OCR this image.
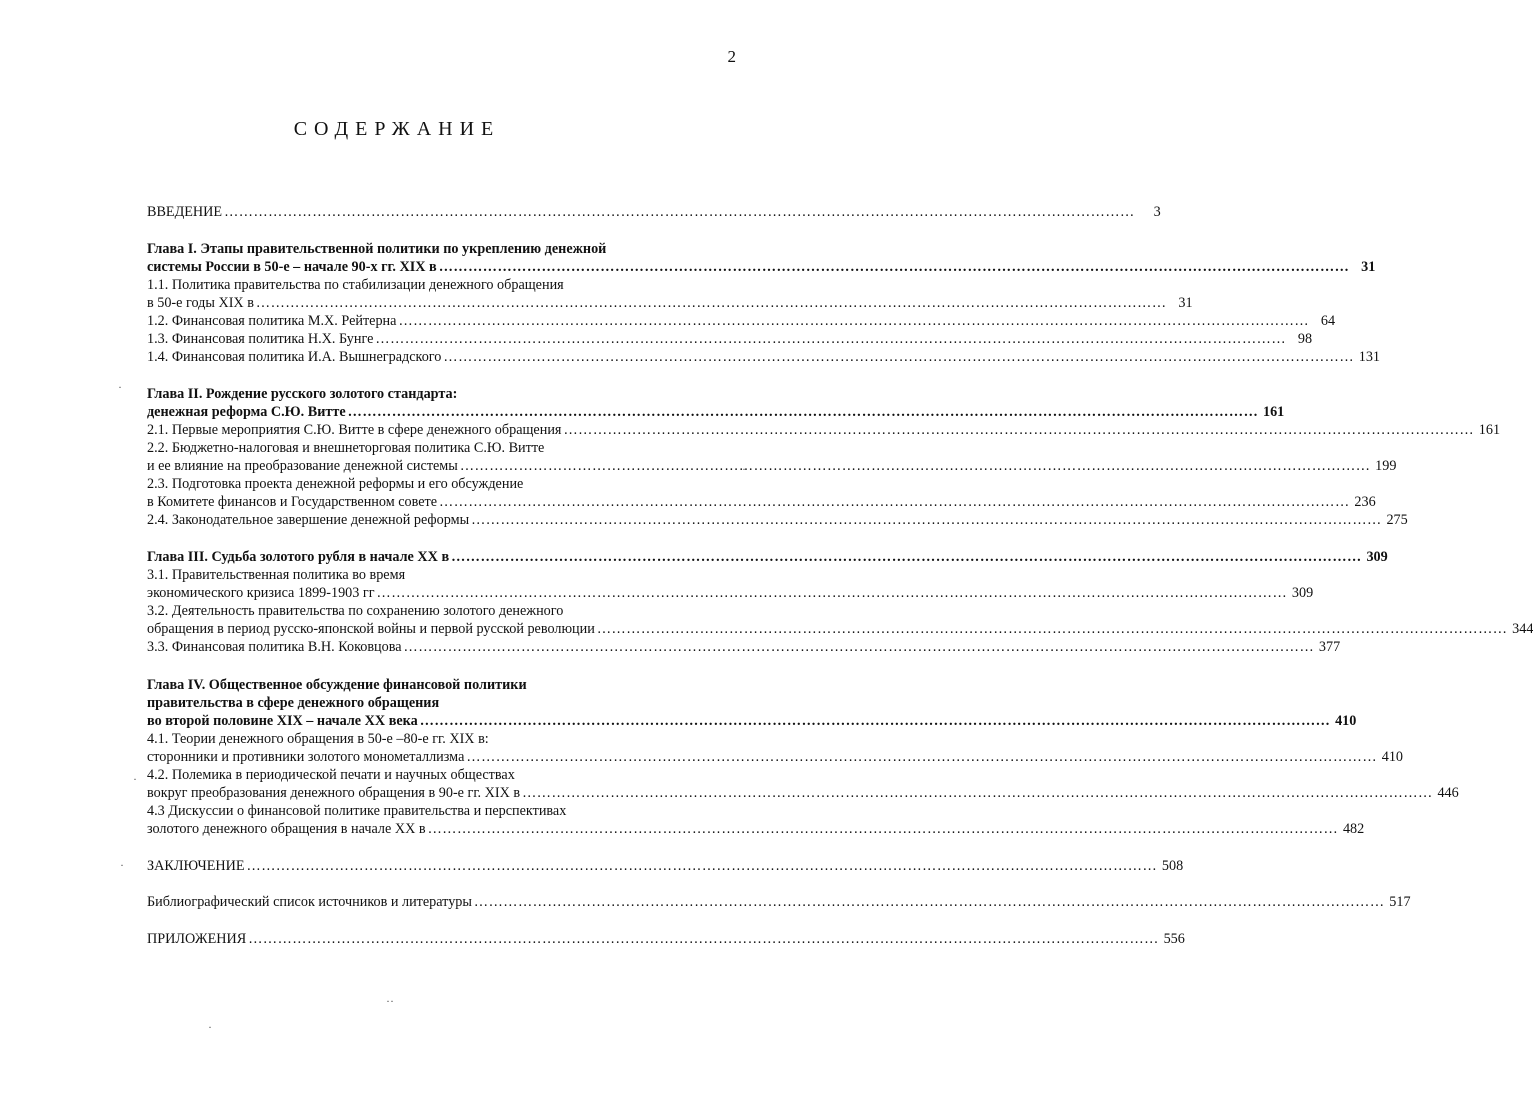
2
СОДЕРЖАНИЕ
ВВЕДЕНИЕ ……………………………………………………………………………………………………………………………………………………………………	3
Глава I. Этапы правительственной политики по укреплению денежной
системы России в 50-е – начале 90-х гг. XIX в ……………………………………………………………………………………………………………………………………………………………………	31
1.1. Политика правительства по стабилизации денежного обращения
в 50-е годы XIX в ……………………………………………………………………………………………………………………………………………………………………	31
1.2. Финансовая политика М.Х. Рейтерна ……………………………………………………………………………………………………………………………………………………………………	64
1.3. Финансовая политика Н.Х. Бунге ……………………………………………………………………………………………………………………………………………………………………	98
1.4. Финансовая политика И.А. Вышнеградского ……………………………………………………………………………………………………………………………………………………………………	131
Глава II. Рождение русского золотого стандарта:
денежная реформа С.Ю. Витте ……………………………………………………………………………………………………………………………………………………………………	161
2.1. Первые мероприятия С.Ю. Витте в сфере денежного обращения ……………………………………………………………………………………………………………………………………………………………………	161
2.2. Бюджетно-налоговая и внешнеторговая политика С.Ю. Витте
и ее влияние на преобразование денежной системы ……………………………………………………………………………………………………………………………………………………………………	199
2.3. Подготовка проекта денежной реформы и его обсуждение
в Комитете финансов и Государственном совете ……………………………………………………………………………………………………………………………………………………………………	236
2.4. Законодательное завершение денежной реформы ……………………………………………………………………………………………………………………………………………………………………	275
Глава III. Судьба золотого рубля в начале XX в ……………………………………………………………………………………………………………………………………………………………………	309
3.1. Правительственная политика во время
экономического кризиса 1899-1903 гг ……………………………………………………………………………………………………………………………………………………………………	309
3.2. Деятельность правительства по сохранению золотого денежного
обращения в период русско-японской войны и первой русской революции ……………………………………………………………………………………………………………………………………………………………………	344
3.3. Финансовая политика В.Н. Коковцова ……………………………………………………………………………………………………………………………………………………………………	377
Глава IV. Общественное обсуждение финансовой политики
правительства в сфере денежного обращения
во второй половине XIX – начале XX века ……………………………………………………………………………………………………………………………………………………………………	410
4.1. Теории денежного обращения в 50-е –80-е гг. XIX в:
сторонники и противники золотого монометаллизма ……………………………………………………………………………………………………………………………………………………………………	410
4.2. Полемика в периодической печати и научных обществах
вокруг преобразования денежного обращения в 90-е гг. XIX в ……………………………………………………………………………………………………………………………………………………………………	446
4.3 Дискуссии о финансовой политике правительства и перспективах
золотого денежного обращения в начале XX в ……………………………………………………………………………………………………………………………………………………………………	482
ЗАКЛЮЧЕНИЕ ……………………………………………………………………………………………………………………………………………………………………	508
Библиографический список источников и литературы ……………………………………………………………………………………………………………………………………………………………………	517
ПРИЛОЖЕНИЯ ……………………………………………………………………………………………………………………………………………………………………	556
·
·
··
·
·
·
